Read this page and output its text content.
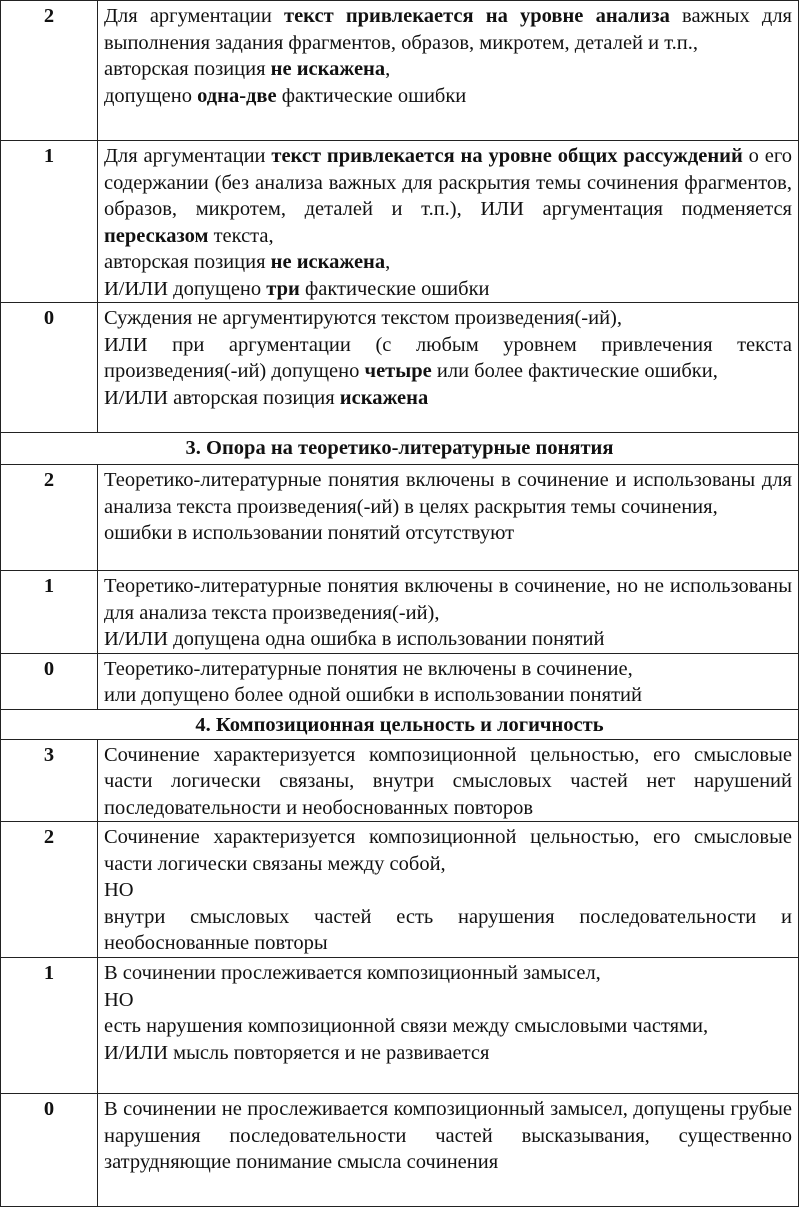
2	Для аргументации текст привлекается на уровне анализа важных для выполнения задания фрагментов, образов, микротем, деталей и т.п.,
авторская позиция не искажена,
допущено одна-две фактические ошибки

1	Для аргументации текст привлекается на уровне общих рассуждений о его содержании (без анализа важных для раскрытия темы сочинения фрагментов, образов, микротем, деталей и т.п.), ИЛИ аргументация подменяется пересказом текста,
авторская позиция не искажена,
И/ИЛИ допущено три фактические ошибки

0	Суждения не аргументируются текстом произведения(-ий),
ИЛИ при аргументации (с любым уровнем привлечения текста произведения(-ий) допущено четыре или более фактические ошибки,
И/ИЛИ авторская позиция искажена

3. Опора на теоретико-литературные понятия	
2	Теоретико-литературные понятия включены в сочинение и использованы для анализа текста произведения(-ий) в целях раскрытия темы сочинения,
ошибки в использовании понятий отсутствуют

1	Теоретико-литературные понятия включены в сочинение, но не использованы для анализа текста произведения(-ий),
И/ИЛИ допущена одна ошибка в использовании понятий

0	Теоретико-литературные понятия не включены в сочинение,
или допущено более одной ошибки в использовании понятий

4. Композиционная цельность и логичность	
3	Сочинение характеризуется композиционной цельностью, его смысловые части логически связаны, внутри смысловых частей нет нарушений последовательности и необоснованных повторов

2	Сочинение характеризуется композиционной цельностью, его смысловые части логически связаны между собой,
НО
внутри смысловых частей есть нарушения последовательности и необоснованные повторы

1	В сочинении прослеживается композиционный замысел,
НО
есть нарушения композиционной связи между смысловыми частями,
И/ИЛИ мысль повторяется и не развивается

0	В сочинении не прослеживается композиционный замысел, допущены грубые нарушения последовательности частей высказывания, существенно затрудняющие понимание смысла сочинения
